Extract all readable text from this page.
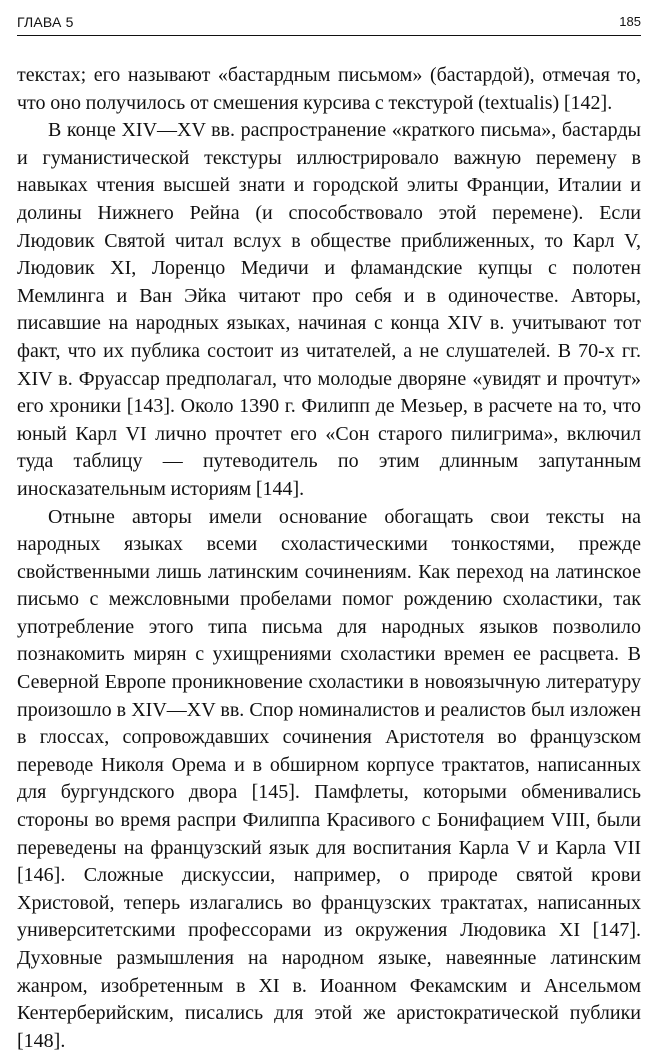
ГЛАВА 5	185

текстах; его называют «бастардным письмом» (бастардой), отмечая то, что оно получилось от смешения курсива с текстурой (textualis) [142].

В конце XIV—XV вв. распространение «краткого письма», бастарды и гуманистической текстуры иллюстрировало важную перемену в навыках чтения высшей знати и городской элиты Франции, Италии и долины Нижнего Рейна (и способствовало этой перемене). Если Людовик Святой читал вслух в обществе приближенных, то Карл V, Людовик XI, Лоренцо Медичи и фламандские купцы с полотен Мемлинга и Ван Эйка читают про себя и в одиночестве. Авторы, писавшие на народных языках, начиная с конца XIV в. учитывают тот факт, что их публика состоит из читателей, а не слушателей. В 70-х гг. XIV в. Фруассар предполагал, что молодые дворяне «увидят и прочтут» его хроники [143]. Около 1390 г. Филипп де Мезьер, в расчете на то, что юный Карл VI лично прочтет его «Сон старого пилигрима», включил туда таблицу — путеводитель по этим длинным запутанным иносказательным историям [144].

Отныне авторы имели основание обогащать свои тексты на народных языках всеми схоластическими тонкостями, прежде свойственными лишь латинским сочинениям. Как переход на латинское письмо с межсловными пробелами помог рождению схоластики, так употребление этого типа письма для народных языков позволило познакомить мирян с ухищрениями схоластики времен ее расцвета. В Северной Европе проникновение схоластики в новоязычную литературу произошло в XIV—XV вв. Спор номиналистов и реалистов был изложен в глоссах, сопровождавших сочинения Аристотеля во французском переводе Николя Орема и в обширном корпусе трактатов, написанных для бургундского двора [145]. Памфлеты, которыми обменивались стороны во время распри Филиппа Красивого с Бонифацием VIII, были переведены на французский язык для воспитания Карла V и Карла VII [146]. Сложные дискуссии, например, о природе святой крови Христовой, теперь излагались во французских трактатах, написанных университетскими профессорами из окружения Людовика XI [147]. Духовные размышления на народном языке, навеянные латинским жанром, изобретенным в XI в. Иоанном Фекамским и Ансельмом Кентерберийским, писались для этой же аристократической публики [148].
